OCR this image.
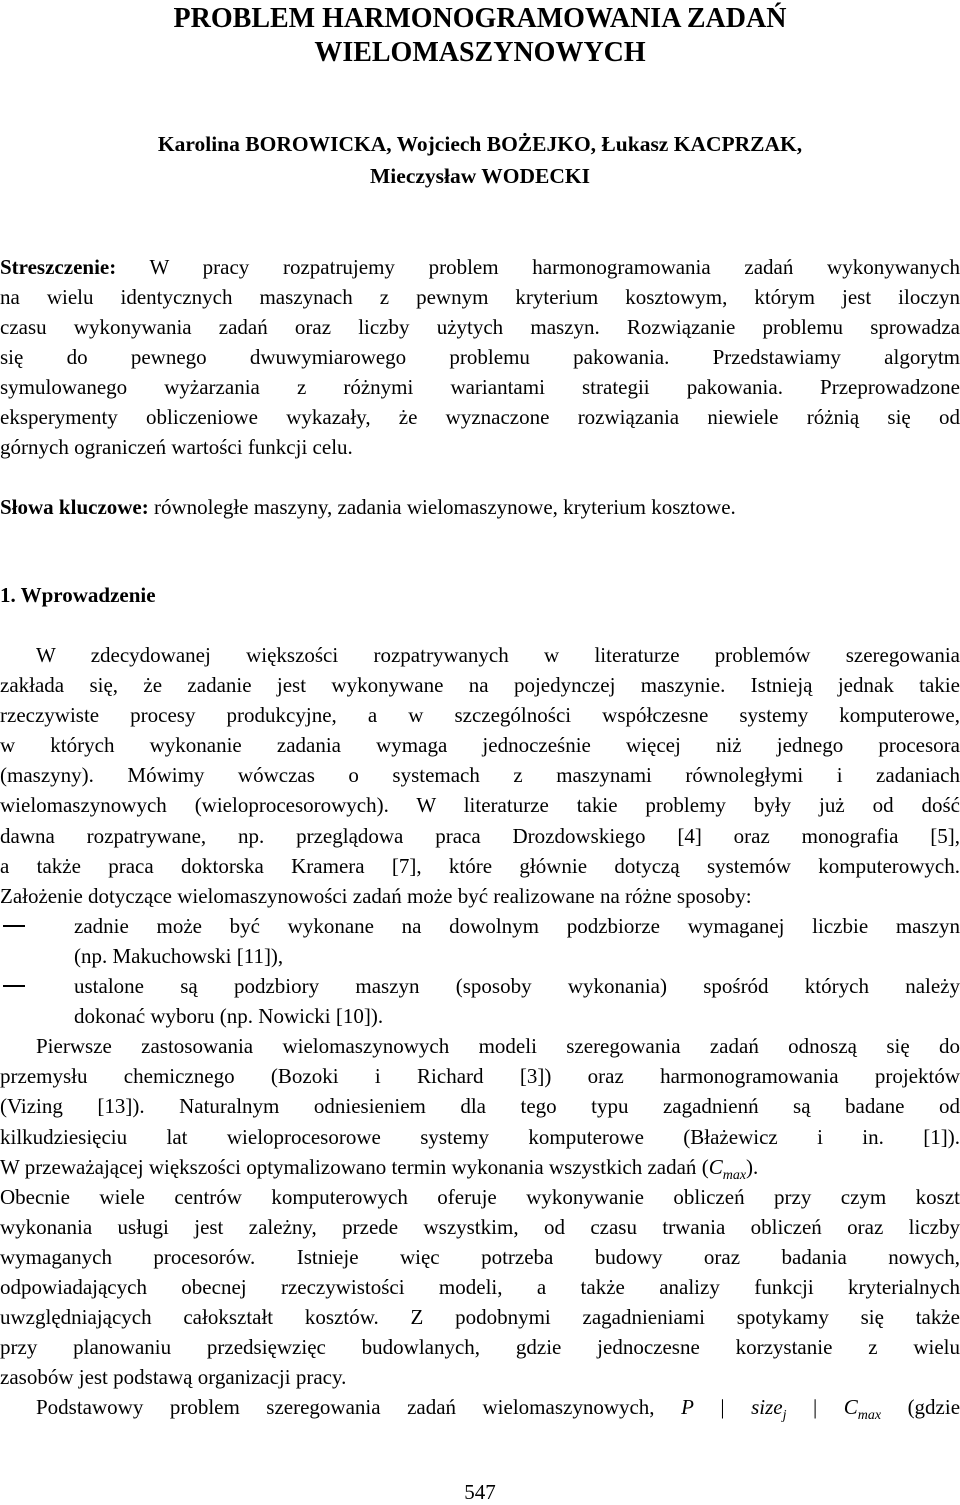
PROBLEM HARMONOGRAMOWANIA ZADAŃ
WIELOMASZYNOWYCH
Karolina BOROWICKA, Wojciech BOŻEJKO, Łukasz KACPRZAK,
Mieczysław WODECKI
Streszczenie: W pracy rozpatrujemy problem harmonogramowania zadań wykonywanych
na wielu identycznych maszynach z pewnym kryterium kosztowym, którym jest iloczyn
czasu wykonywania zadań oraz liczby użytych maszyn. Rozwiązanie problemu sprowadza
się do pewnego dwuwymiarowego problemu pakowania. Przedstawiamy algorytm
symulowanego wyżarzania z różnymi wariantami strategii pakowania. Przeprowadzone
eksperymenty obliczeniowe wykazały, że wyznaczone rozwiązania niewiele różnią się od
górnych ograniczeń wartości funkcji celu.
Słowa kluczowe: równoległe maszyny, zadania wielomaszynowe, kryterium kosztowe.
1. Wprowadzenie
W zdecydowanej większości rozpatrywanych w literaturze problemów szeregowania
zakłada się, że zadanie jest wykonywane na pojedynczej maszynie. Istnieją jednak takie
rzeczywiste procesy produkcyjne, a w szczególności współczesne systemy komputerowe,
w których wykonanie zadania wymaga jednocześnie więcej niż jednego procesora
(maszyny). Mówimy wówczas o systemach z maszynami równoległymi i zadaniach
wielomaszynowych (wieloprocesorowych). W literaturze takie problemy były już od dość
dawna rozpatrywane, np. przeglądowa praca Drozdowskiego [4] oraz monografia [5],
a także praca doktorska Kramera [7], które głównie dotyczą systemów komputerowych.
Założenie dotyczące wielomaszynowości zadań może być realizowane na różne sposoby:
zadnie może być wykonane na dowolnym podzbiorze wymaganej liczbie maszyn
(np. Makuchowski [11]),
ustalone są podzbiory maszyn (sposoby wykonania) spośród których należy
dokonać wyboru (np. Nowicki [10]).
Pierwsze zastosowania wielomaszynowych modeli szeregowania zadań odnoszą się do
przemysłu chemicznego (Bozoki i Richard [3]) oraz harmonogramowania projektów
(Vizing [13]). Naturalnym odniesieniem dla tego typu zagadnienń są badane od
kilkudziesięciu lat wieloprocesorowe systemy komputerowe (Błażewicz i in. [1]).
W przeważającej większości optymalizowano termin wykonania wszystkich zadań $(C_{max})$.
Obecnie wiele centrów komputerowych oferuje wykonywanie obliczeń przy czym koszt
wykonania usługi jest zależny, przede wszystkim, od czasu trwania obliczeń oraz liczby
wymaganych procesorów. Istnieje więc potrzeba budowy oraz badania nowych,
odpowiadających obecnej rzeczywistości modeli, a także analizy funkcji kryterialnych
uwzględniających całokształt kosztów. Z podobnymi zagadnieniami spotykamy się także
przy planowaniu przedsięwzięc budowlanych, gdzie jednoczesne korzystanie z wielu
zasobów jest podstawą organizacji pracy.
Podstawowy problem szeregowania zadań wielomaszynowych, P | size$_j$ | $C_{max}$ (gdzie
547
